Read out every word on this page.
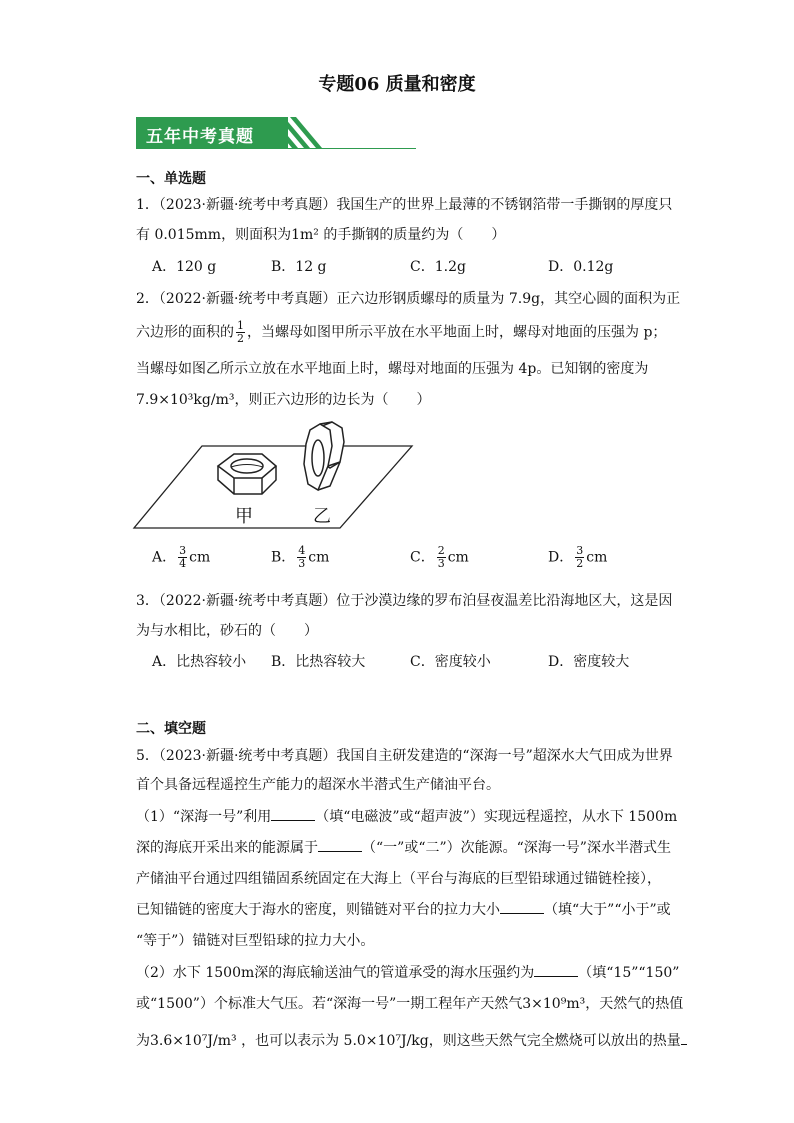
专题06 质量和密度
五年中考真题
一、单选题
1．（2023·新疆·统考中考真题）我国生产的世界上最薄的不锈钢箔带一手撕钢的厚度只
有 0.015mm，则面积为1m² 的手撕钢的质量约为（　　）
A．120 g	B．12 g	C．1.2g	D．0.12g
2．（2022·新疆·统考中考真题）正六边形钢质螺母的质量为 7.9g，其空心圆的面积为正
六边形的面积的 $\frac{1}{2}$ ，当螺母如图甲所示平放在水平地面上时，螺母对地面的压强为 p；
当螺母如图乙所示立放在水平地面上时，螺母对地面的压强为 4p。已知钢的密度为
7.9×10³kg/m³，则正六边形的边长为（　　）
甲	乙
A． $\frac{3}{4}$ cm	B． $\frac{4}{3}$ cm	C． $\frac{2}{3}$ cm	D． $\frac{3}{2}$ cm
3．（2022·新疆·统考中考真题）位于沙漠边缘的罗布泊昼夜温差比沿海地区大，这是因
为与水相比，砂石的（　　）
A．比热容较小 B．比热容较大	C．密度较小	D．密度较大
二、填空题
5．（2023·新疆·统考中考真题）我国自主研发建造的“深海一号”超深水大气田成为世界
首个具备远程遥控生产能力的超深水半潜式生产储油平台。
（1）“深海一号”利用	（填“电磁波”或“超声波”）实现远程遥控，从水下 1500m
深的海底开采出来的能源属于	（“一”或“二”）次能源。“深海一号”深水半潜式生
产储油平台通过四组锚固系统固定在大海上（平台与海底的巨型铅球通过锚链栓接），
已知锚链的密度大于海水的密度，则锚链对平台的拉力大小	（填“大于”“小于”或
“等于”）锚链对巨型铅球的拉力大小。
（2）水下 1500m深的海底输送油气的管道承受的海水压强约为	（填“15”“150”
或“1500”）个标准大气压。若“深海一号”一期工程年产天然气3×10⁹m³，天然气的热值
为3.6×10⁷J/m³ ，也可以表示为 5.0×10⁷J/kg，则这些天然气完全燃烧可以放出的热量
